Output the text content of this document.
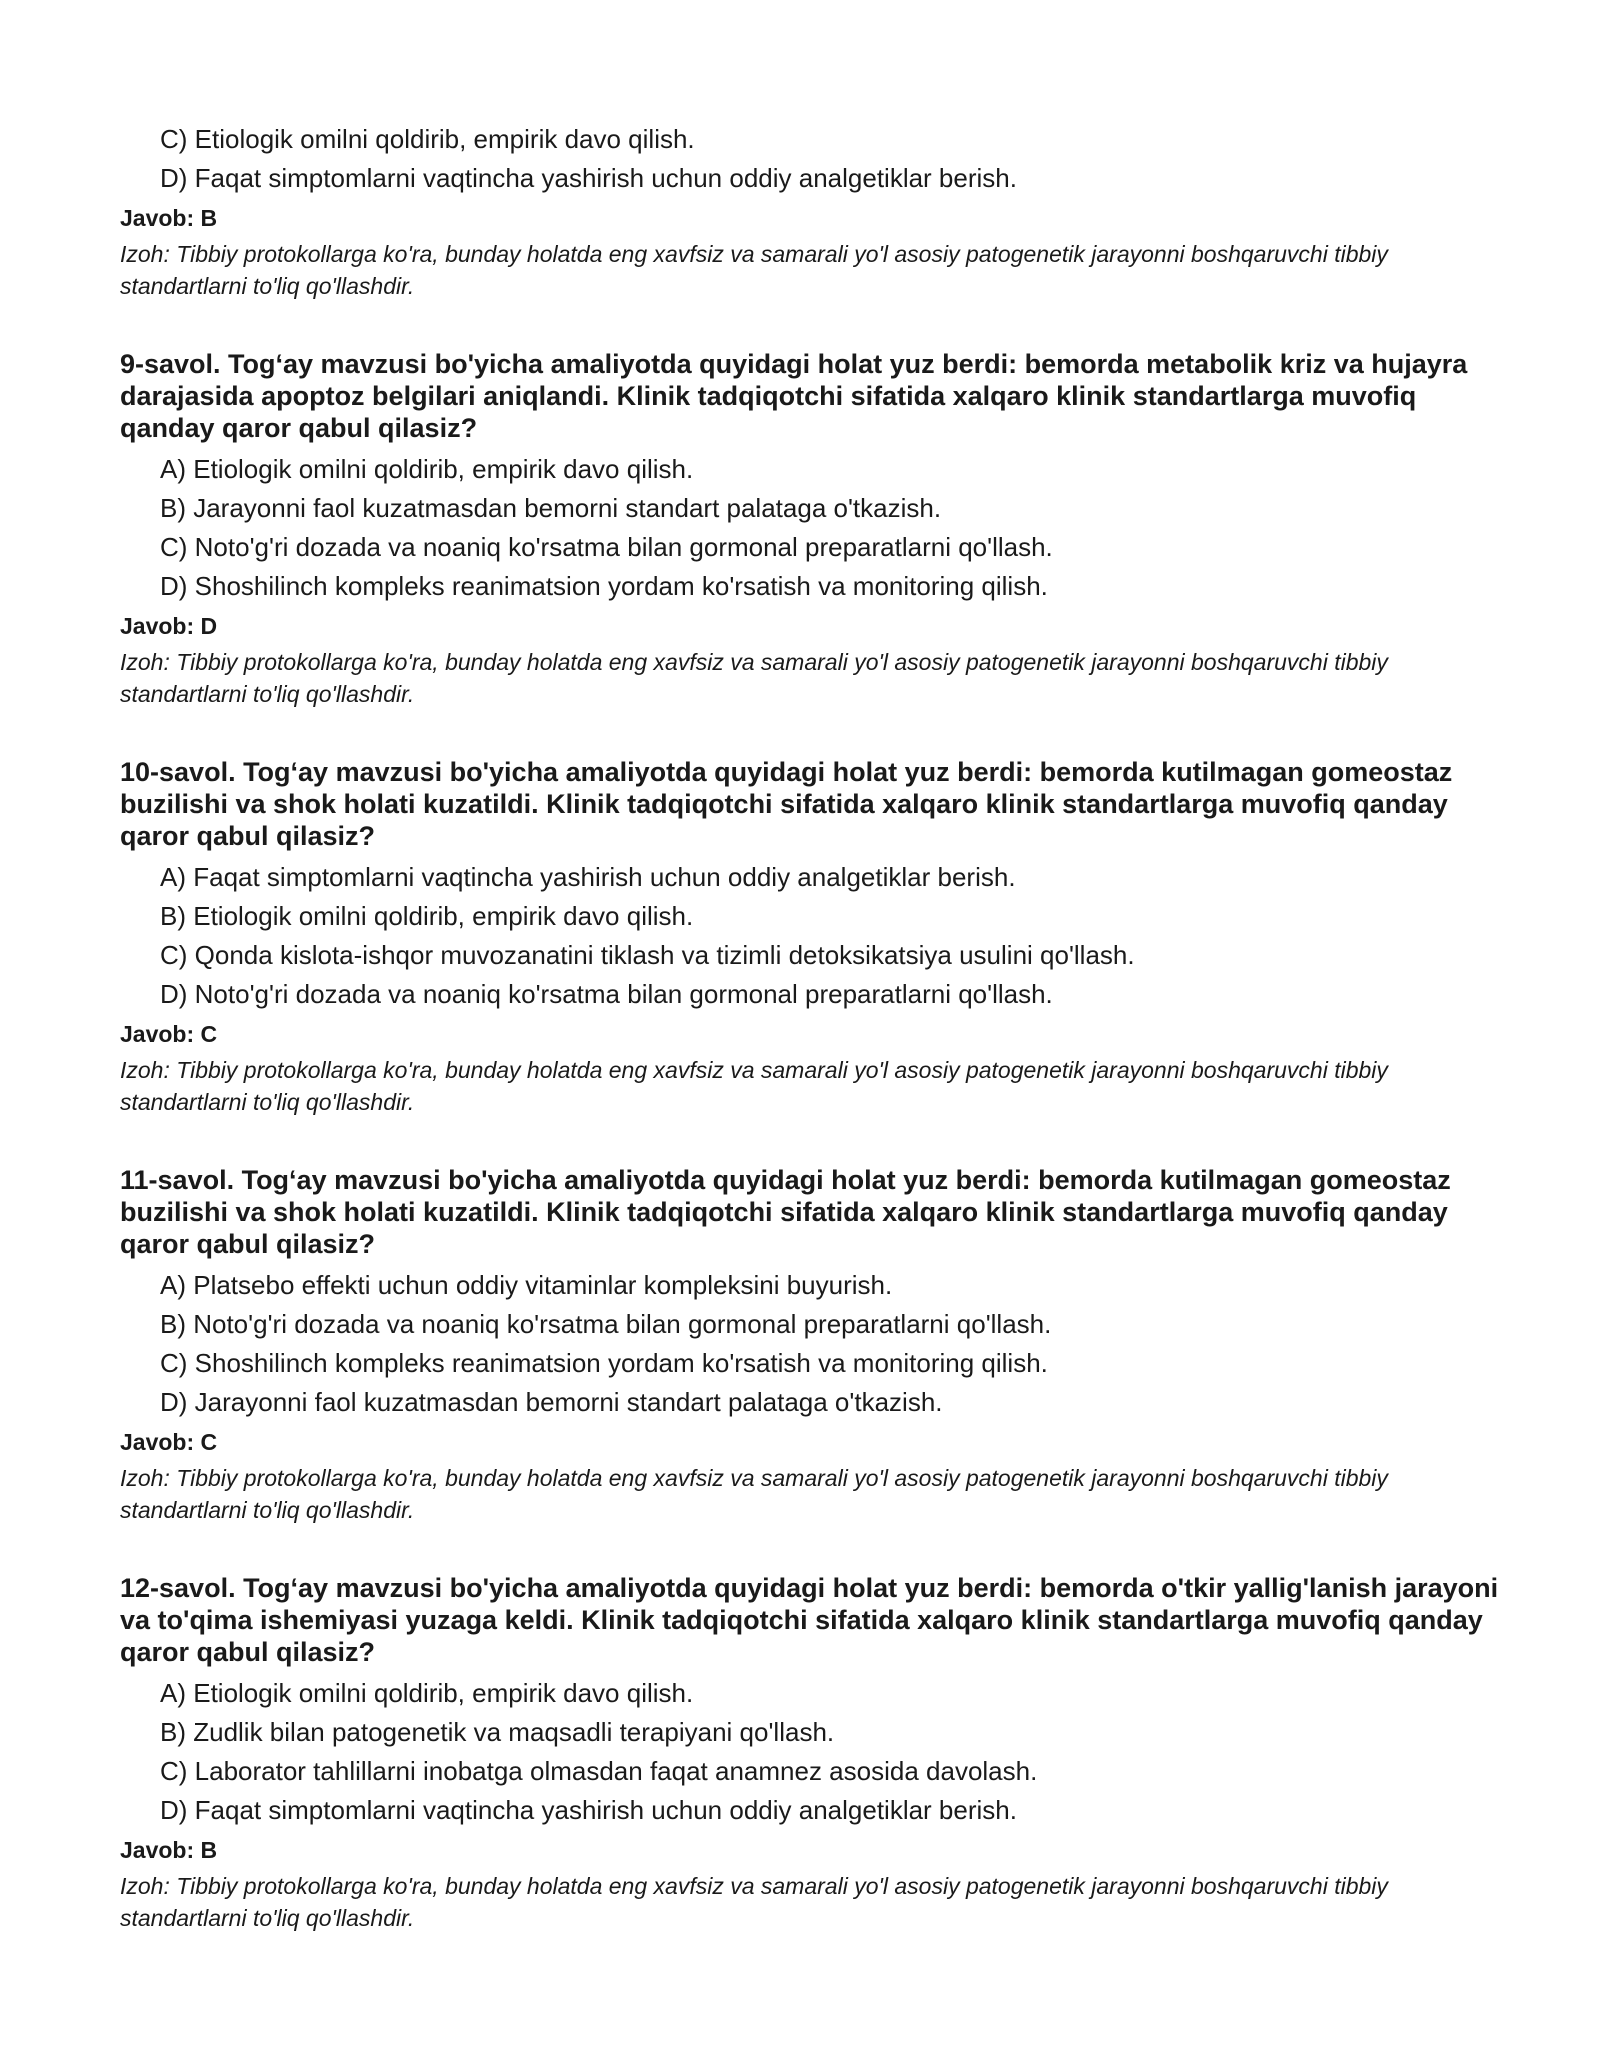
C) Etiologik omilni qoldirib, empirik davo qilish.
D) Faqat simptomlarni vaqtincha yashirish uchun oddiy analgetiklar berish.
Javob: B
Izoh: Tibbiy protokollarga ko'ra, bunday holatda eng xavfsiz va samarali yo'l asosiy patogenetik jarayonni boshqaruvchi tibbiy standartlarni to'liq qo'llashdir.
9-savol. Tog‘ay mavzusi bo'yicha amaliyotda quyidagi holat yuz berdi: bemorda metabolik kriz va hujayra darajasida apoptoz belgilari aniqlandi. Klinik tadqiqotchi sifatida xalqaro klinik standartlarga muvofiq qanday qaror qabul qilasiz?
A) Etiologik omilni qoldirib, empirik davo qilish.
B) Jarayonni faol kuzatmasdan bemorni standart palataga o'tkazish.
C) Noto'g'ri dozada va noaniq ko'rsatma bilan gormonal preparatlarni qo'llash.
D) Shoshilinch kompleks reanimatsion yordam ko'rsatish va monitoring qilish.
Javob: D
Izoh: Tibbiy protokollarga ko'ra, bunday holatda eng xavfsiz va samarali yo'l asosiy patogenetik jarayonni boshqaruvchi tibbiy standartlarni to'liq qo'llashdir.
10-savol. Tog‘ay mavzusi bo'yicha amaliyotda quyidagi holat yuz berdi: bemorda kutilmagan gomeostaz buzilishi va shok holati kuzatildi. Klinik tadqiqotchi sifatida xalqaro klinik standartlarga muvofiq qanday qaror qabul qilasiz?
A) Faqat simptomlarni vaqtincha yashirish uchun oddiy analgetiklar berish.
B) Etiologik omilni qoldirib, empirik davo qilish.
C) Qonda kislota-ishqor muvozanatini tiklash va tizimli detoksikatsiya usulini qo'llash.
D) Noto'g'ri dozada va noaniq ko'rsatma bilan gormonal preparatlarni qo'llash.
Javob: C
Izoh: Tibbiy protokollarga ko'ra, bunday holatda eng xavfsiz va samarali yo'l asosiy patogenetik jarayonni boshqaruvchi tibbiy standartlarni to'liq qo'llashdir.
11-savol. Tog‘ay mavzusi bo'yicha amaliyotda quyidagi holat yuz berdi: bemorda kutilmagan gomeostaz buzilishi va shok holati kuzatildi. Klinik tadqiqotchi sifatida xalqaro klinik standartlarga muvofiq qanday qaror qabul qilasiz?
A) Platsebo effekti uchun oddiy vitaminlar kompleksini buyurish.
B) Noto'g'ri dozada va noaniq ko'rsatma bilan gormonal preparatlarni qo'llash.
C) Shoshilinch kompleks reanimatsion yordam ko'rsatish va monitoring qilish.
D) Jarayonni faol kuzatmasdan bemorni standart palataga o'tkazish.
Javob: C
Izoh: Tibbiy protokollarga ko'ra, bunday holatda eng xavfsiz va samarali yo'l asosiy patogenetik jarayonni boshqaruvchi tibbiy standartlarni to'liq qo'llashdir.
12-savol. Tog‘ay mavzusi bo'yicha amaliyotda quyidagi holat yuz berdi: bemorda o'tkir yallig'lanish jarayoni va to'qima ishemiyasi yuzaga keldi. Klinik tadqiqotchi sifatida xalqaro klinik standartlarga muvofiq qanday qaror qabul qilasiz?
A) Etiologik omilni qoldirib, empirik davo qilish.
B) Zudlik bilan patogenetik va maqsadli terapiyani qo'llash.
C) Laborator tahlillarni inobatga olmasdan faqat anamnez asosida davolash.
D) Faqat simptomlarni vaqtincha yashirish uchun oddiy analgetiklar berish.
Javob: B
Izoh: Tibbiy protokollarga ko'ra, bunday holatda eng xavfsiz va samarali yo'l asosiy patogenetik jarayonni boshqaruvchi tibbiy standartlarni to'liq qo'llashdir.
